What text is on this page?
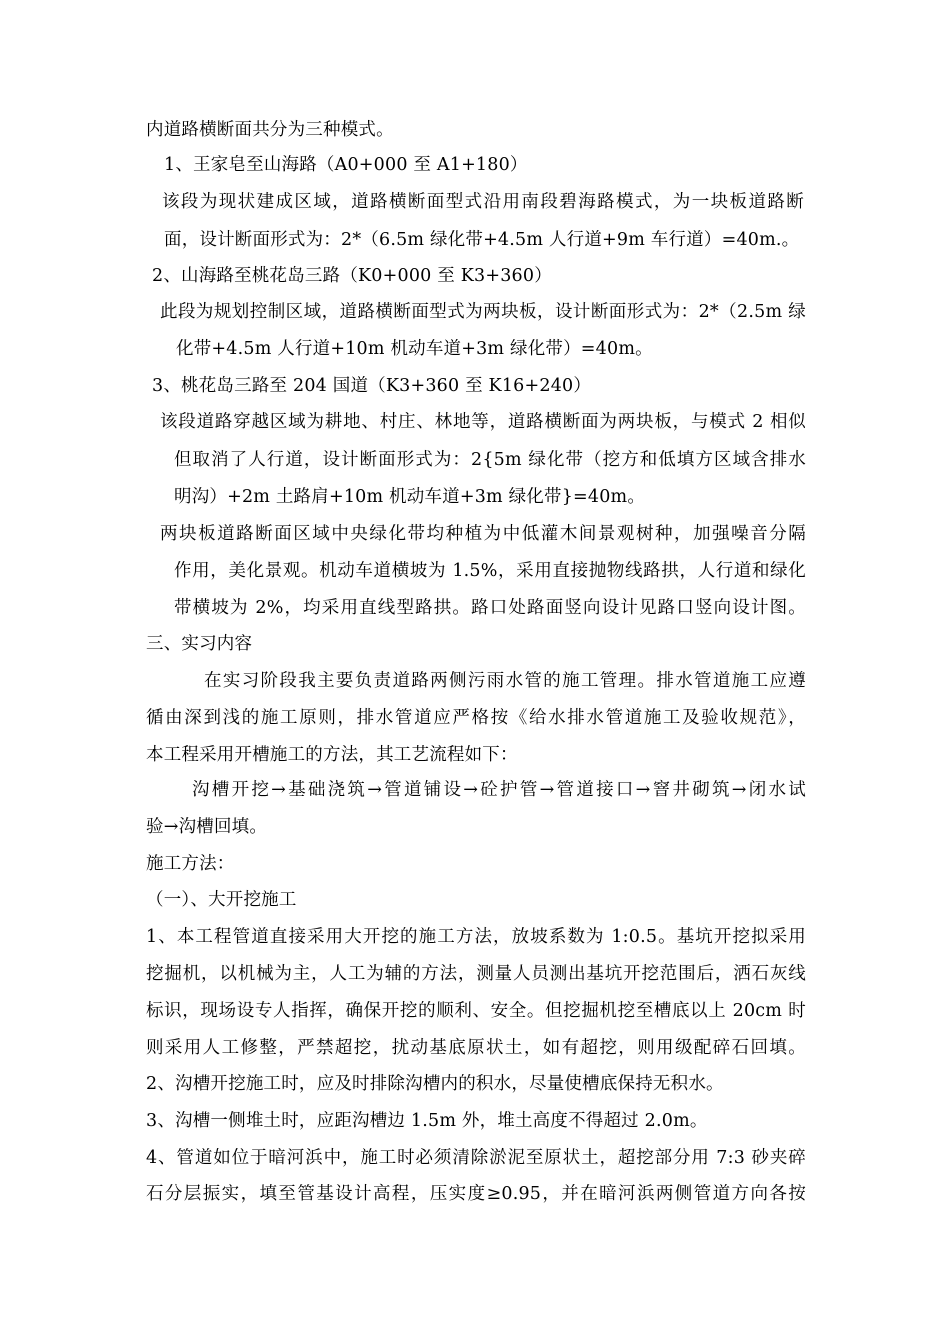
内道路横断面共分为三种模式。
1、王家皂至山海路（A0+000 至 A1+180）
该段为现状建成区域，道路横断面型式沿用南段碧海路模式，为一块板道路断
面，设计断面形式为：2*（6.5m 绿化带+4.5m 人行道+9m 车行道）=40m.。
2、山海路至桃花岛三路（K0+000 至 K3+360）
此段为规划控制区域，道路横断面型式为两块板，设计断面形式为：2*（2.5m 绿
化带+4.5m 人行道+10m 机动车道+3m 绿化带）=40m。
3、桃花岛三路至 204 国道（K3+360 至 K16+240）
该段道路穿越区域为耕地、村庄、林地等，道路横断面为两块板，与模式 2 相似
但取消了人行道，设计断面形式为：2{5m 绿化带（挖方和低填方区域含排水
明沟）+2m 土路肩+10m 机动车道+3m 绿化带}=40m。
两块板道路断面区域中央绿化带均种植为中低灌木间景观树种，加强噪音分隔
作用，美化景观。机动车道横坡为 1.5%，采用直接抛物线路拱，人行道和绿化
带横坡为 2%，均采用直线型路拱。路口处路面竖向设计见路口竖向设计图。
三、实习内容
在实习阶段我主要负责道路两侧污雨水管的施工管理。排水管道施工应遵
循由深到浅的施工原则，排水管道应严格按《给水排水管道施工及验收规范》，
本工程采用开槽施工的方法，其工艺流程如下：
沟槽开挖→基础浇筑→管道铺设→砼护管→管道接口→窨井砌筑→闭水试
验→沟槽回填。
施工方法：
（一）、大开挖施工
1、本工程管道直接采用大开挖的施工方法，放坡系数为 1:0.5。基坑开挖拟采用
挖掘机，以机械为主，人工为辅的方法，测量人员测出基坑开挖范围后，洒石灰线
标识，现场设专人指挥，确保开挖的顺利、安全。但挖掘机挖至槽底以上 20cm 时
则采用人工修整，严禁超挖，扰动基底原状土，如有超挖，则用级配碎石回填。
2、沟槽开挖施工时，应及时排除沟槽内的积水，尽量使槽底保持无积水。
3、沟槽一侧堆土时，应距沟槽边 1.5m 外，堆土高度不得超过 2.0m。
4、管道如位于暗河浜中，施工时必须清除淤泥至原状土，超挖部分用 7:3 砂夹碎
石分层振实，填至管基设计高程，压实度≥0.95，并在暗河浜两侧管道方向各按
